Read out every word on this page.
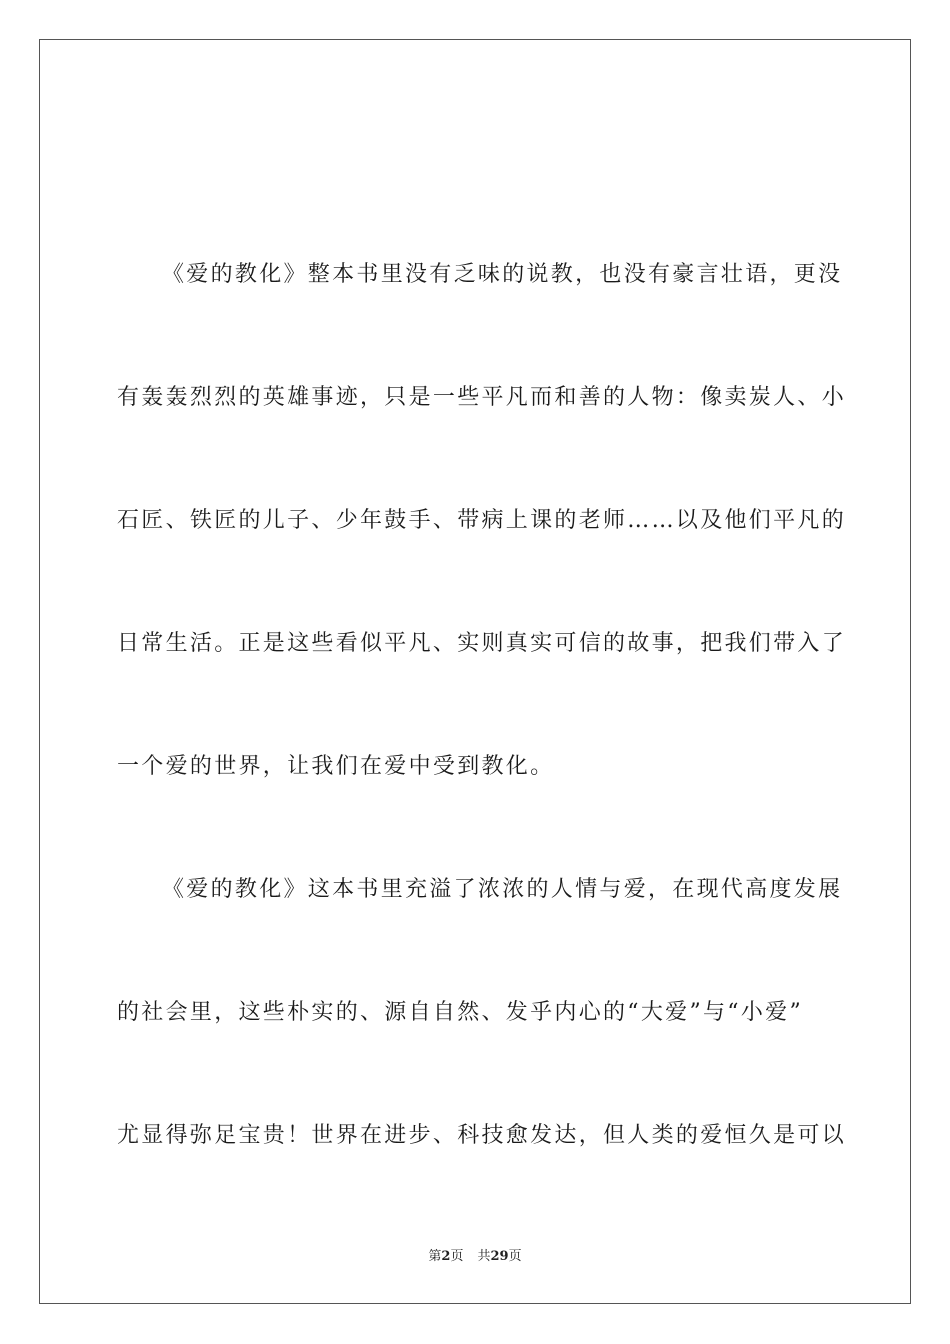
《爱的教化》整本书里没有乏味的说教，也没有豪言壮语，更没
有轰轰烈烈的英雄事迹，只是一些平凡而和善的人物：像卖炭人、小
石匠、铁匠的儿子、少年鼓手、带病上课的老师……以及他们平凡的
日常生活。正是这些看似平凡、实则真实可信的故事，把我们带入了
一个爱的世界，让我们在爱中受到教化。
《爱的教化》这本书里充溢了浓浓的人情与爱，在现代高度发展
的社会里，这些朴实的、源自自然、发乎内心的“大爱”与“小爱”
尤显得弥足宝贵！世界在进步、科技愈发达，但人类的爱恒久是可以
第2页 共29页
